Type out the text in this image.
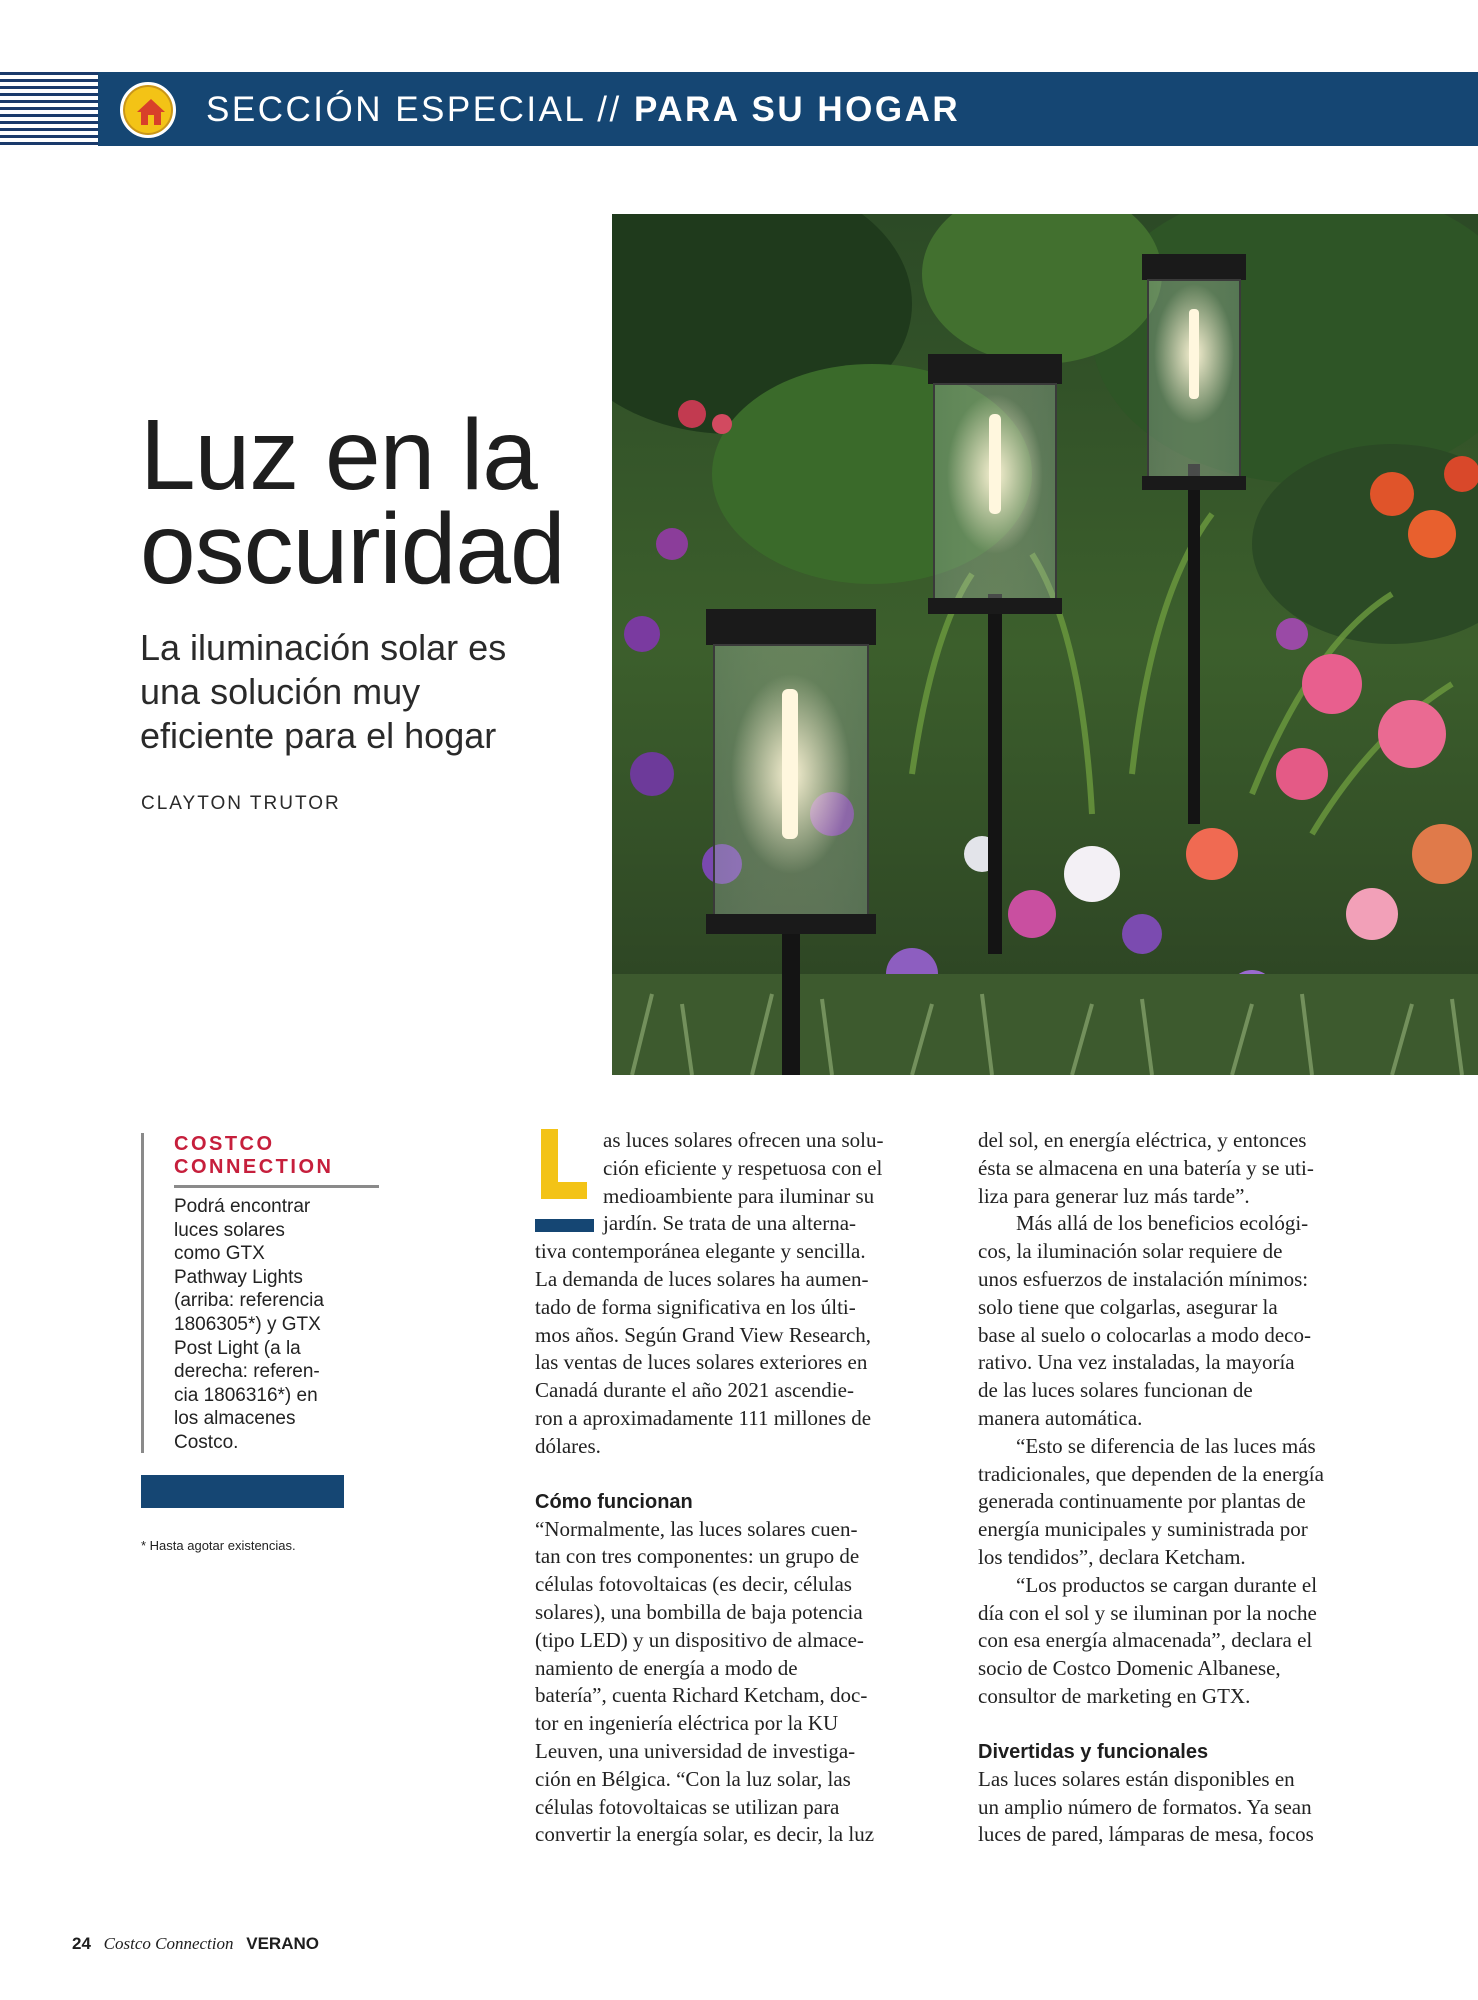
SECCIÓN ESPECIAL // PARA SU HOGAR
Luz en la
oscuridad
La iluminación solar es
una solución muy
eficiente para el hogar
CLAYTON TRUTOR
COSTCO
CONNECTION
Podrá encontrar
luces solares
como GTX
Pathway Lights
(arriba: referencia
1806305*) y GTX
Post Light (a la
derecha: referen-
cia 1806316*) en
los almacenes
Costco.
* Hasta agotar existencias.

as luces solares ofrecen una solu-

ción eficiente y respetuosa con el

medioambiente para iluminar su

jardín. Se trata de una alterna-

tiva contemporánea elegante y sencilla.

La demanda de luces solares ha aumen-

tado de forma significativa en los últi-

mos años. Según Grand View Research,

las ventas de luces solares exteriores en

Canadá durante el año 2021 ascendie-

ron a aproximadamente 111 millones de

dólares.

Cómo funcionan

“Normalmente, las luces solares cuen-

tan con tres componentes: un grupo de

células fotovoltaicas (es decir, células

solares), una bombilla de baja potencia

(tipo LED) y un dispositivo de almace-

namiento de energía a modo de

batería”, cuenta Richard Ketcham, doc-

tor en ingeniería eléctrica por la KU

Leuven, una universidad de investiga-

ción en Bélgica. “Con la luz solar, las

células fotovoltaicas se utilizan para

convertir la energía solar, es decir, la luz

del sol, en energía eléctrica, y entonces

ésta se almacena en una batería y se uti-

liza para generar luz más tarde”.

Más allá de los beneficios ecológi-

cos, la iluminación solar requiere de

unos esfuerzos de instalación mínimos:

solo tiene que colgarlas, asegurar la

base al suelo o colocarlas a modo deco-

rativo. Una vez instaladas, la mayoría

de las luces solares funcionan de

manera automática.

“Esto se diferencia de las luces más

tradicionales, que dependen de la energía

generada continuamente por plantas de

energía municipales y suministrada por

los tendidos”, declara Ketcham.

“Los productos se cargan durante el

día con el sol y se iluminan por la noche

con esa energía almacenada”, declara el

socio de Costco Domenic Albanese,

consultor de marketing en GTX.

Divertidas y funcionales

Las luces solares están disponibles en

un amplio número de formatos. Ya sean

luces de pared, lámparas de mesa, focos

24 Costco Connection VERANO
